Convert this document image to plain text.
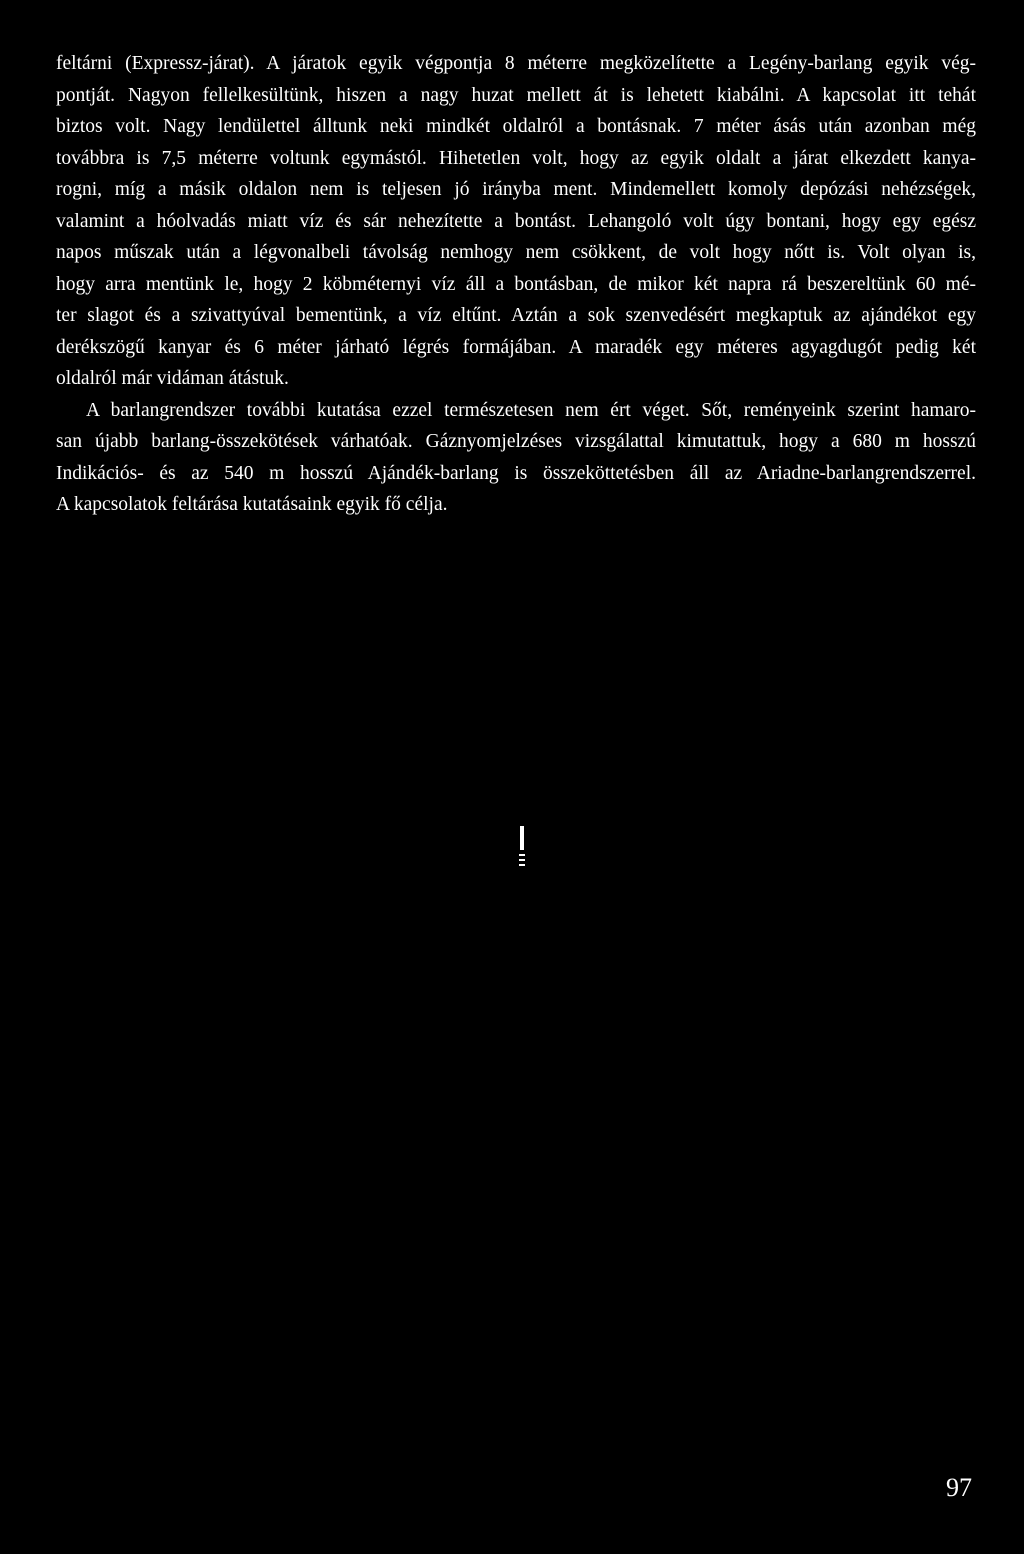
feltárni (Expressz-járat). A járatok egyik végpontja 8 méterre megközelítette a Legény-barlang egyik vég-
pontját. Nagyon fellelkesültünk, hiszen a nagy huzat mellett át is lehetett kiabálni. A kapcsolat itt tehát
biztos volt. Nagy lendülettel álltunk neki mindkét oldalról a bontásnak. 7 méter ásás után azonban még
továbbra is 7,5 méterre voltunk egymástól. Hihetetlen volt, hogy az egyik oldalt a járat elkezdett kanya-
rogni, míg a másik oldalon nem is teljesen jó irányba ment. Mindemellett komoly depózási nehézségek,
valamint a hóolvadás miatt víz és sár nehezítette a bontást. Lehangoló volt úgy bontani, hogy egy egész
napos műszak után a légvonalbeli távolság nemhogy nem csökkent, de volt hogy nőtt is. Volt olyan is,
hogy arra mentünk le, hogy 2 köbméternyi víz áll a bontásban, de mikor két napra rá beszereltünk 60 mé-
ter slagot és a szivattyúval bementünk, a víz eltűnt. Aztán a sok szenvedésért megkaptuk az ajándékot egy
derékszögű kanyar és 6 méter járható légrés formájában. A maradék egy méteres agyagdugót pedig két
oldalról már vidáman átástuk.
A barlangrendszer további kutatása ezzel természetesen nem ért véget. Sőt, reményeink szerint hamaro-
san újabb barlang-összekötések várhatóak. Gáznyomjelzéses vizsgálattal kimutattuk, hogy a 680 m hosszú
Indikációs- és az 540 m hosszú Ajándék-barlang is összeköttetésben áll az Ariadne-barlangrendszerrel.
A kapcsolatok feltárása kutatásaink egyik fő célja.
97
